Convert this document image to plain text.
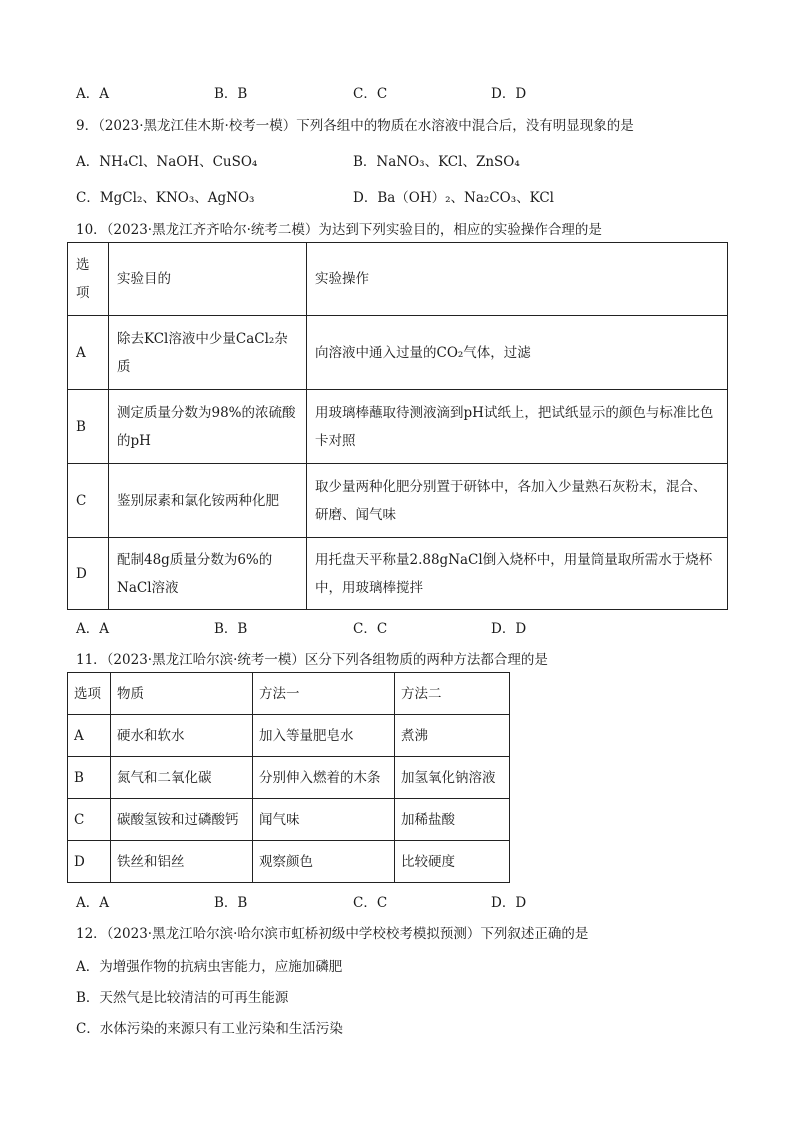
A．A	B．B	C．C	D．D
9．（2023·黑龙江佳木斯·校考一模）下列各组中的物质在水溶液中混合后，没有明显现象的是
A．NH₄Cl、NaOH、CuSO₄	B．NaNO₃、KCl、ZnSO₄
C．MgCl₂、KNO₃、AgNO₃	D．Ba（OH）₂、Na₂CO₃、KCl
10．（2023·黑龙江齐齐哈尔·统考二模）为达到下列实验目的，相应的实验操作合理的是
选项	实验目的	实验操作
A	除去KCl溶液中少量CaCl₂杂质	向溶液中通入过量的CO₂气体，过滤
B	测定质量分数为98%的浓硫酸的pH	用玻璃棒蘸取待测液滴到pH试纸上，把试纸显示的颜色与标准比色卡对照
C	鉴别尿素和氯化铵两种化肥	取少量两种化肥分别置于研钵中，各加入少量熟石灰粉末，混合、研磨、闻气味
D	配制48g质量分数为6%的NaCl溶液	用托盘天平称量2.88gNaCl倒入烧杯中，用量筒量取所需水于烧杯中，用玻璃棒搅拌
A．A	B．B	C．C	D．D
11．（2023·黑龙江哈尔滨·统考一模）区分下列各组物质的两种方法都合理的是
选项	物质	方法一	方法二
A	硬水和软水	加入等量肥皂水	煮沸
B	氮气和二氧化碳	分别伸入燃着的木条	加氢氧化钠溶液
C	碳酸氢铵和过磷酸钙	闻气味	加稀盐酸
D	铁丝和铝丝	观察颜色	比较硬度
A．A	B．B	C．C	D．D
12．（2023·黑龙江哈尔滨·哈尔滨市虹桥初级中学校校考模拟预测）下列叙述正确的是
A．为增强作物的抗病虫害能力，应施加磷肥
B．天然气是比较清洁的可再生能源
C．水体污染的来源只有工业污染和生活污染
